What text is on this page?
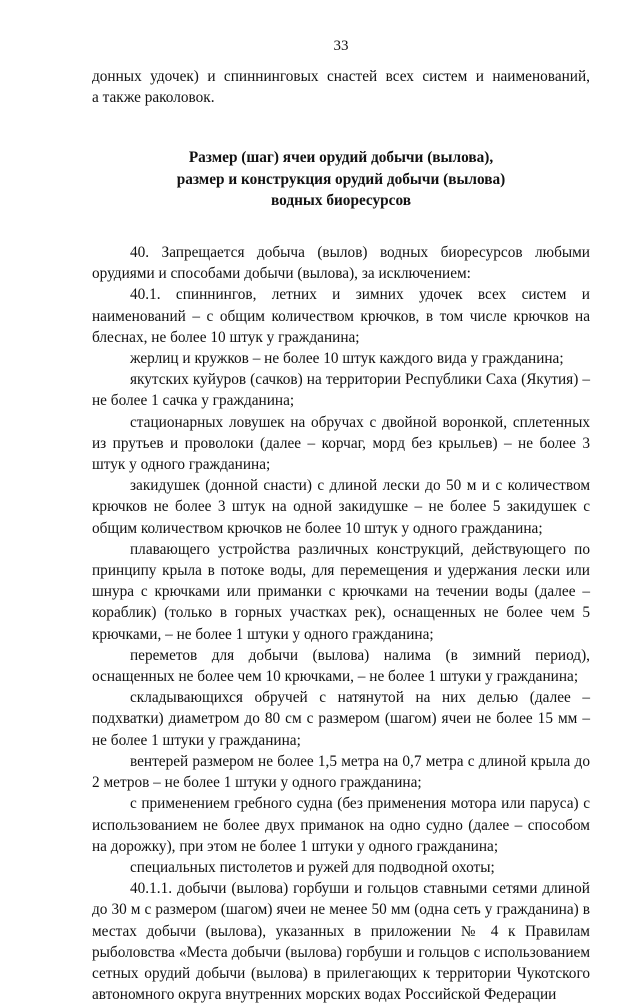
33

донных удочек) и спиннинговых снастей всех систем и наименований,

а также раколовок.

Размер (шаг) ячеи орудий добычи (вылова),
размер и конструкция орудий добычи (вылова)
водных биоресурсов

40. Запрещается добыча (вылов) водных биоресурсов любыми орудиями и способами добычи (вылова), за исключением:

40.1. спиннингов, летних и зимних удочек всех систем и наименований – с общим количеством крючков, в том числе крючков на блеснах, не более 10 штук у гражданина;

жерлиц и кружков – не более 10 штук каждого вида у гражданина;

якутских куйуров (сачков) на территории Республики Саха (Якутия) – не более 1 сачка у гражданина;

стационарных ловушек на обручах с двойной воронкой, сплетенных из прутьев и проволоки (далее – корчаг, морд без крыльев) – не более 3 штук у одного гражданина;

закидушек (донной снасти) с длиной лески до 50 м и с количеством крючков не более 3 штук на одной закидушке – не более 5 закидушек с общим количеством крючков не более 10 штук у одного гражданина;

плавающего устройства различных конструкций, действующего по принципу крыла в потоке воды, для перемещения и удержания лески или шнура с крючками или приманки с крючками на течении воды (далее – кораблик) (только в горных участках рек), оснащенных не более чем 5 крючками, – не более 1 штуки у одного гражданина;

переметов для добычи (вылова) налима (в зимний период), оснащенных не более чем 10 крючками, – не более 1 штуки у гражданина;

складывающихся обручей с натянутой на них делью (далее – подхватки) диаметром до 80 см с размером (шагом) ячеи не более 15 мм – не более 1 штуки у гражданина;

вентерей размером не более 1,5 метра на 0,7 метра с длиной крыла до 2 метров – не более 1 штуки у одного гражданина;

с применением гребного судна (без применения мотора или паруса) с использованием не более двух приманок на одно судно (далее – способом на дорожку), при этом не более 1 штуки у одного гражданина;

специальных пистолетов и ружей для подводной охоты;

40.1.1. добычи (вылова) горбуши и гольцов ставными сетями длиной до 30 м с размером (шагом) ячеи не менее 50 мм (одна сеть у гражданина) в местах добычи (вылова), указанных в приложении № 4 к Правилам рыболовства «Места добычи (вылова) горбуши и гольцов с использованием сетных орудий добычи (вылова) в прилегающих к территории Чукотского автономного округа внутренних морских водах Российской Федерации
